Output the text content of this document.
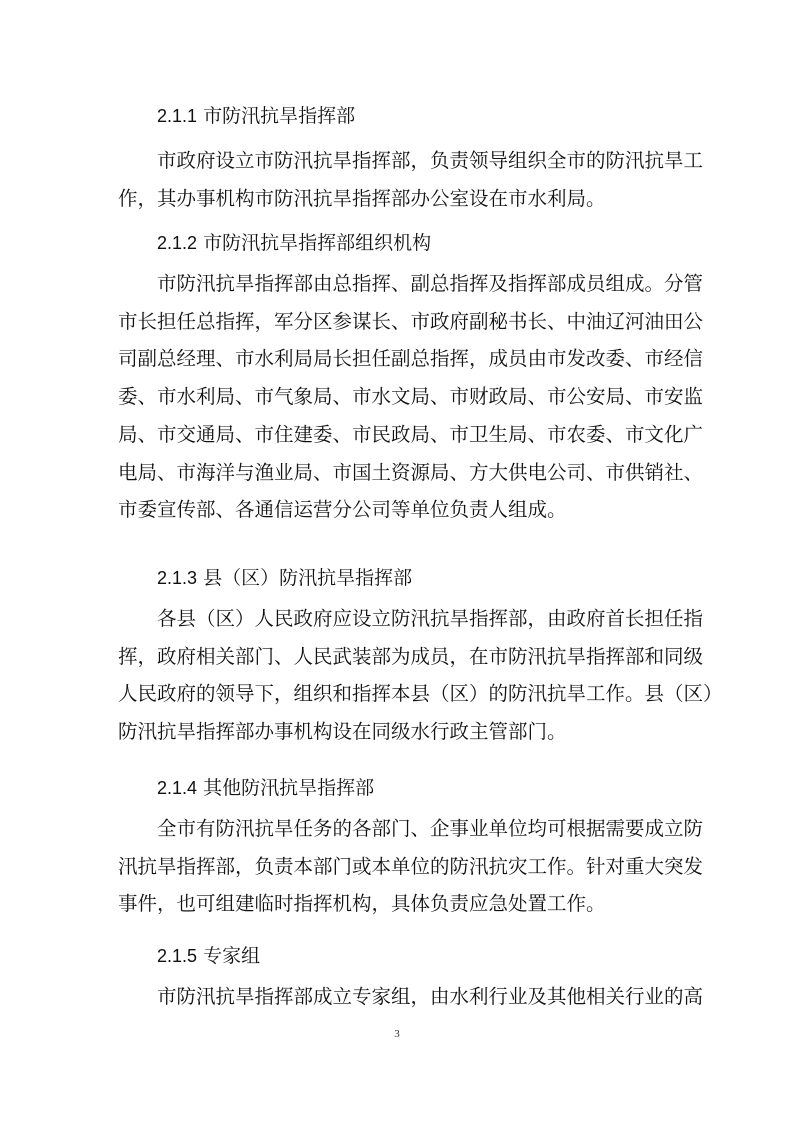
2.1.1 市防汛抗旱指挥部
市政府设立市防汛抗旱指挥部，负责领导组织全市的防汛抗旱工
作，其办事机构市防汛抗旱指挥部办公室设在市水利局。
2.1.2 市防汛抗旱指挥部组织机构
市防汛抗旱指挥部由总指挥、副总指挥及指挥部成员组成。分管
市长担任总指挥，军分区参谋长、市政府副秘书长、中油辽河油田公
司副总经理、市水利局局长担任副总指挥，成员由市发改委、市经信
委、市水利局、市气象局、市水文局、市财政局、市公安局、市安监
局、市交通局、市住建委、市民政局、市卫生局、市农委、市文化广
电局、市海洋与渔业局、市国土资源局、方大供电公司、市供销社、
市委宣传部、各通信运营分公司等单位负责人组成。
2.1.3 县（区）防汛抗旱指挥部
各县（区）人民政府应设立防汛抗旱指挥部，由政府首长担任指
挥，政府相关部门、人民武装部为成员，在市防汛抗旱指挥部和同级
人民政府的领导下，组织和指挥本县（区）的防汛抗旱工作。县（区）
防汛抗旱指挥部办事机构设在同级水行政主管部门。
2.1.4 其他防汛抗旱指挥部
全市有防汛抗旱任务的各部门、企事业单位均可根据需要成立防
汛抗旱指挥部，负责本部门或本单位的防汛抗灾工作。针对重大突发
事件，也可组建临时指挥机构，具体负责应急处置工作。
2.1.5 专家组
市防汛抗旱指挥部成立专家组，由水利行业及其他相关行业的高
3
